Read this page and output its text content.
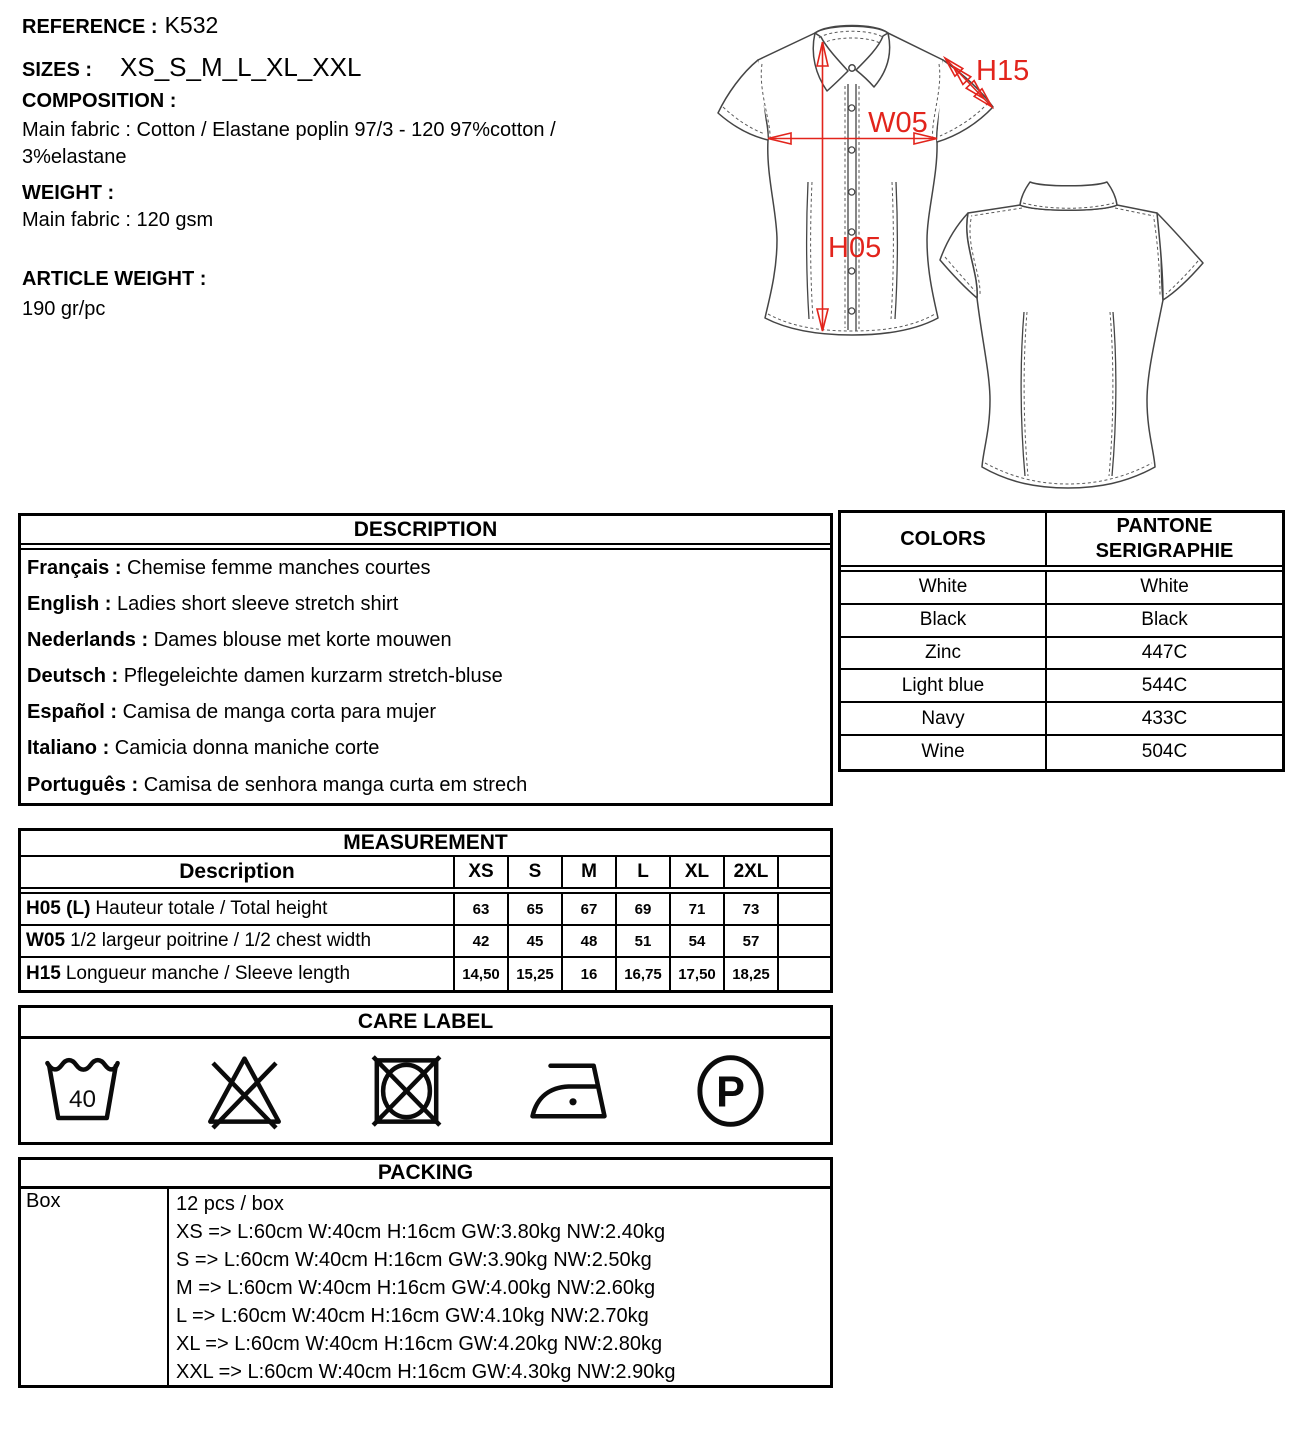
REFERENCE : K532
SIZES : XS_S_M_L_XL_XXL
COMPOSITION :
Main fabric : Cotton / Elastane poplin 97/3 - 120 97%cotton / 3%elastane
WEIGHT :
Main fabric : 120 gsm
ARTICLE WEIGHT :
190 gr/pc
H15
W05
H05
DESCRIPTION
Français : Chemise femme manches courtes
English : Ladies short sleeve stretch shirt
Nederlands : Dames blouse met korte mouwen
Deutsch : Pflegeleichte damen kurzarm stretch-bluse
Español : Camisa de manga corta para mujer
Italiano : Camicia donna maniche corte
Português : Camisa de senhora manga curta em strech
COLORS
PANTONE SERIGRAPHIE
White	White
Black	Black
Zinc	447C
Light blue	544C
Navy	433C
Wine	504C
MEASUREMENT
Description	XS	S	M	L	XL	2XL
H05 (L) Hauteur totale / Total height	63	65	67	69	71	73
W05 1/2 largeur poitrine / 1/2 chest width	42	45	48	51	54	57
H15 Longueur manche / Sleeve length	14,50	15,25	16	16,75	17,50	18,25
CARE LABEL
40	P
PACKING
Box	12 pcs / box
XS => L:60cm W:40cm H:16cm GW:3.80kg NW:2.40kg
S => L:60cm W:40cm H:16cm GW:3.90kg NW:2.50kg
M => L:60cm W:40cm H:16cm GW:4.00kg NW:2.60kg
L => L:60cm W:40cm H:16cm GW:4.10kg NW:2.70kg
XL => L:60cm W:40cm H:16cm GW:4.20kg NW:2.80kg
XXL => L:60cm W:40cm H:16cm GW:4.30kg NW:2.90kg
